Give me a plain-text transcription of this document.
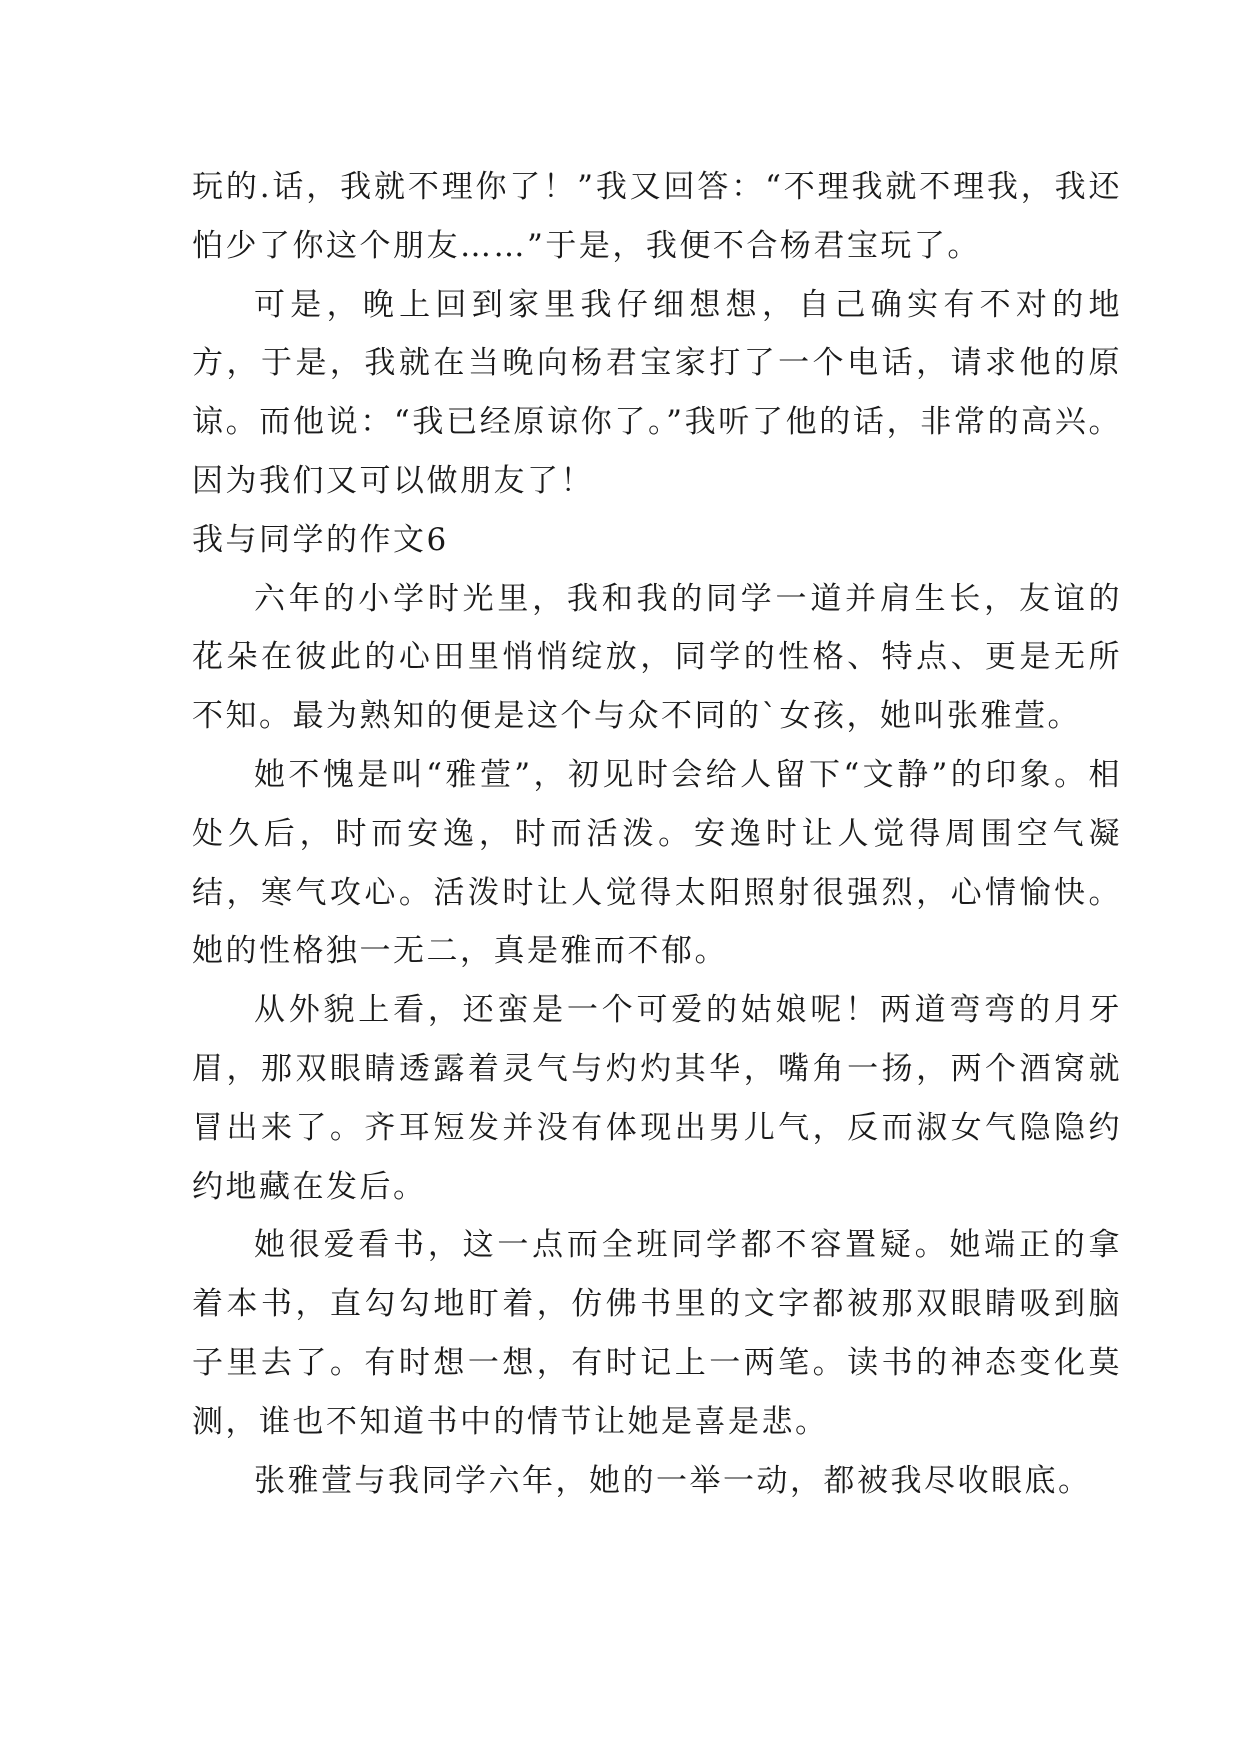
玩的.话，我就不理你了！”我又回答：“不理我就不理我，我还怕少了你这个朋友……”于是，我便不合杨君宝玩了。

可是，晚上回到家里我仔细想想，自己确实有不对的地方，于是，我就在当晚向杨君宝家打了一个电话，请求他的原谅。而他说：“我已经原谅你了。”我听了他的话，非常的高兴。因为我们又可以做朋友了！

我与同学的作文6

六年的小学时光里，我和我的同学一道并肩生长，友谊的花朵在彼此的心田里悄悄绽放，同学的性格、特点、更是无所不知。最为熟知的便是这个与众不同的`女孩，她叫张雅萱。

她不愧是叫“雅萱”，初见时会给人留下“文静”的印象。相处久后，时而安逸，时而活泼。安逸时让人觉得周围空气凝结，寒气攻心。活泼时让人觉得太阳照射很强烈，心情愉快。她的性格独一无二，真是雅而不郁。

从外貌上看，还蛮是一个可爱的姑娘呢！两道弯弯的月牙眉，那双眼睛透露着灵气与灼灼其华，嘴角一扬，两个酒窝就冒出来了。齐耳短发并没有体现出男儿气，反而淑女气隐隐约约地藏在发后。

她很爱看书，这一点而全班同学都不容置疑。她端正的拿着本书，直勾勾地盯着，仿佛书里的文字都被那双眼睛吸到脑子里去了。有时想一想，有时记上一两笔。读书的神态变化莫测，谁也不知道书中的情节让她是喜是悲。

张雅萱与我同学六年，她的一举一动，都被我尽收眼底。
